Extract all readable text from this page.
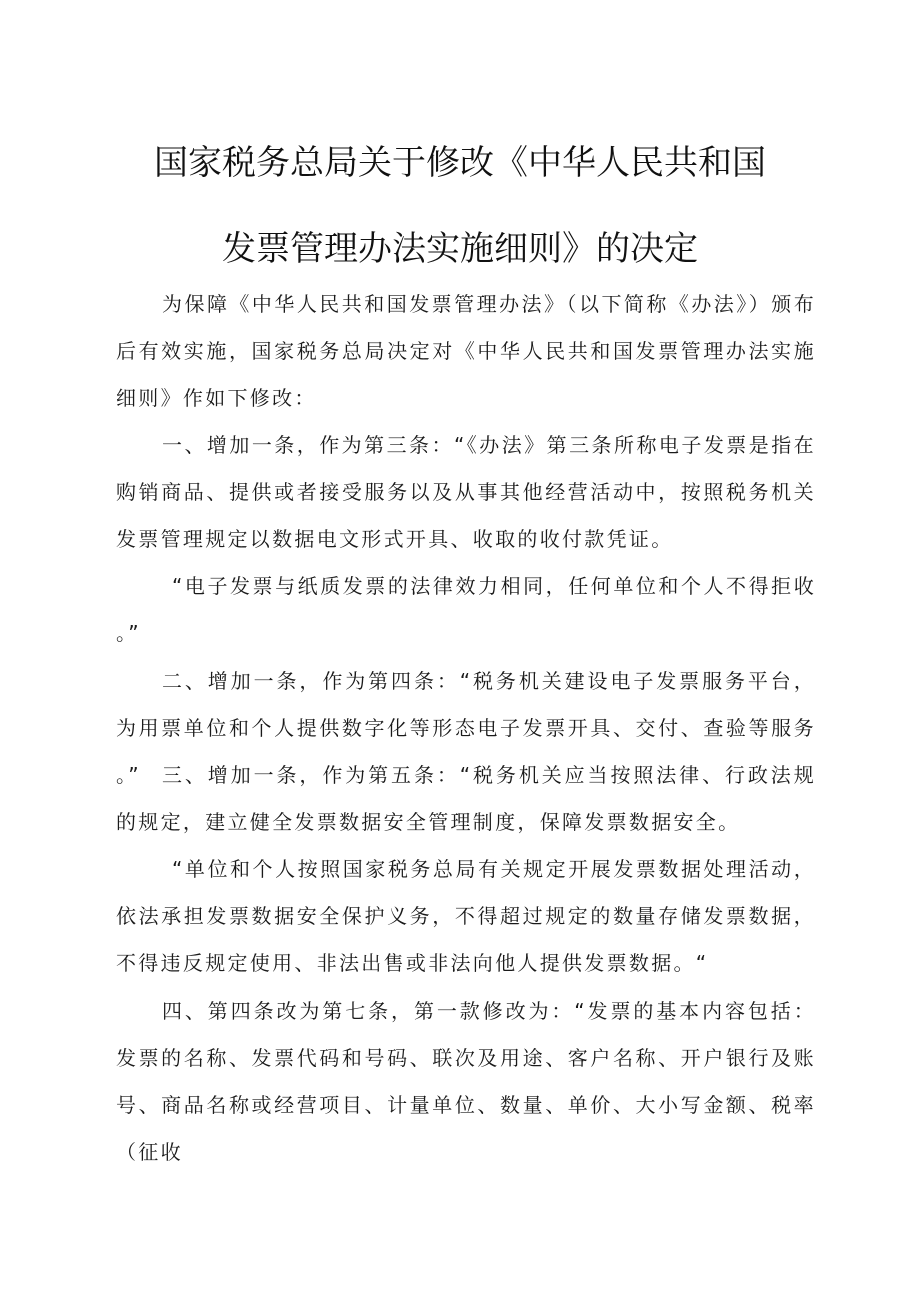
国家税务总局关于修改《中华人民共和国
发票管理办法实施细则》的决定

为保障《中华人民共和国发票管理办法》（以下简称《办法》）颁布后有效实施，国家税务总局决定对《中华人民共和国发票管理办法实施细则》作如下修改：

一、增加一条，作为第三条：“《办法》第三条所称电子发票是指在购销商品、提供或者接受服务以及从事其他经营活动中，按照税务机关发票管理规定以数据电文形式开具、收取的收付款凭证。

“电子发票与纸质发票的法律效力相同，任何单位和个人不得拒收。”

二、增加一条，作为第四条：“税务机关建设电子发票服务平台，为用票单位和个人提供数字化等形态电子发票开具、交付、查验等服务。”	三、增加一条，作为第五条：“税务机关应当按照法律、行政法规的规定，建立健全发票数据安全管理制度，保障发票数据安全。

“单位和个人按照国家税务总局有关规定开展发票数据处理活动，依法承担发票数据安全保护义务，不得超过规定的数量存储发票数据，不得违反规定使用、非法出售或非法向他人提供发票数据。“

四、第四条改为第七条，第一款修改为：“发票的基本内容包括：发票的名称、发票代码和号码、联次及用途、客户名称、开户银行及账号、商品名称或经营项目、计量单位、数量、单价、大小写金额、税率（征收
